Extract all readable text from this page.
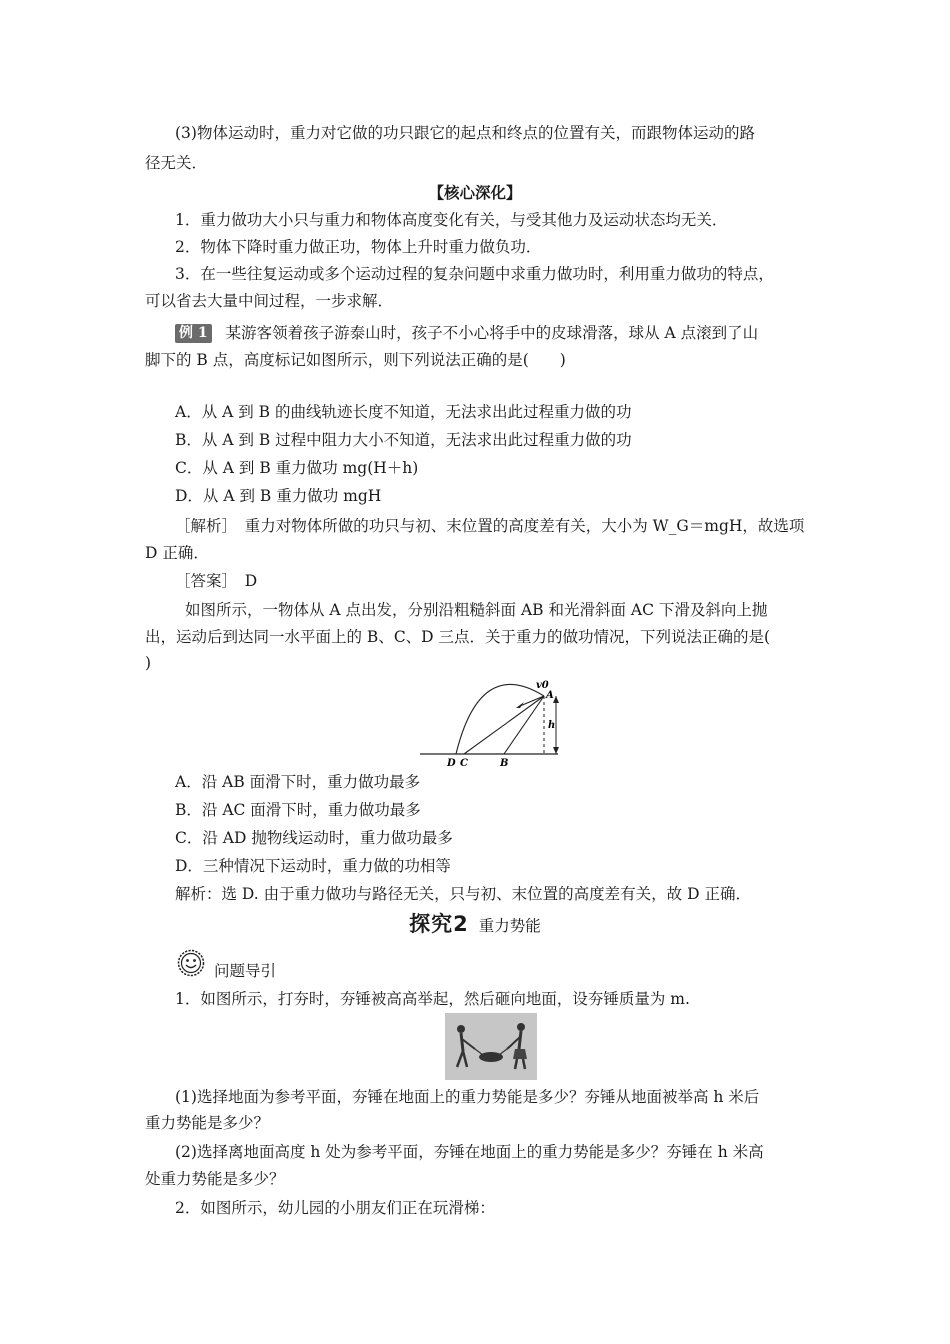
(3)物体运动时，重力对它做的功只跟它的起点和终点的位置有关，而跟物体运动的路
径无关．
【核心深化】
1．重力做功大小只与重力和物体高度变化有关，与受其他力及运动状态均无关．
2．物体下降时重力做正功，物体上升时重力做负功．
3．在一些往复运动或多个运动过程的复杂问题中求重力做功时，利用重力做功的特点，
可以省去大量中间过程，一步求解．
例 1 某游客领着孩子游泰山时，孩子不小心将手中的皮球滑落，球从 A 点滚到了山
脚下的 B 点，高度标记如图所示，则下列说法正确的是(　　)
A．从 A 到 B 的曲线轨迹长度不知道，无法求出此过程重力做的功
B．从 A 到 B 过程中阻力大小不知道，无法求出此过程重力做的功
C．从 A 到 B 重力做功 mg(H＋h)
D．从 A 到 B 重力做功 mgH
［解析］　重力对物体所做的功只与初、末位置的高度差有关，大小为 W_G＝mgH，故选项
D 正确．
［答案］　D
如图所示，一物体从 A 点出发，分别沿粗糙斜面 AB 和光滑斜面 AC 下滑及斜向上抛
出，运动后到达同一水平面上的 B、C、D 三点．关于重力的做功情况，下列说法正确的是(
)
v0
A
h
D C	B
A．沿 AB 面滑下时，重力做功最多
B．沿 AC 面滑下时，重力做功最多
C．沿 AD 抛物线运动时，重力做功最多
D．三种情况下运动时，重力做的功相等
解析：选 D. 由于重力做功与路径无关，只与初、末位置的高度差有关，故 D 正确．
探究2 重力势能
问题导引
1．如图所示，打夯时，夯锤被高高举起，然后砸向地面，设夯锤质量为 m.
(1)选择地面为参考平面，夯锤在地面上的重力势能是多少？夯锤从地面被举高 h 米后
重力势能是多少？
(2)选择离地面高度 h 处为参考平面，夯锤在地面上的重力势能是多少？夯锤在 h 米高
处重力势能是多少？
2．如图所示，幼儿园的小朋友们正在玩滑梯：
